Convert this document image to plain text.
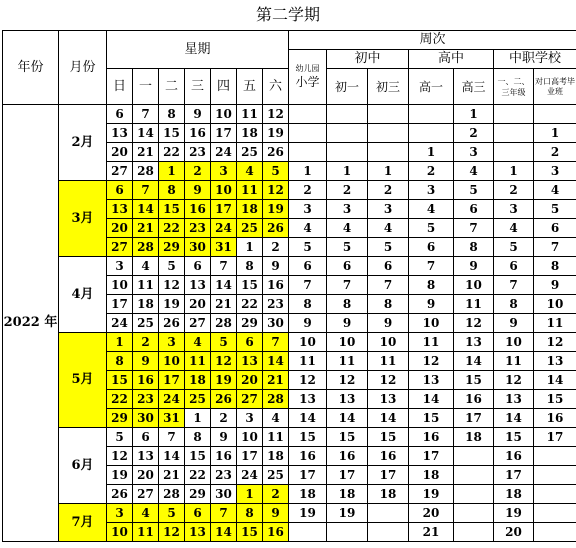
第二学期
年份	月份	星期							周次						

									幼儿园
小学	初中		高中		中职学校	
		日	一	二	三	四	五	六		初一	初三	高一	高三	一、二、三年级	对口高考毕业班
2022 年	2月	6	7	8	9	10	11	12					1		
		13	14	15	16	17	18	19					2		1
		20	21	22	23	24	25	26				1	3		2
		27	28	1	2	3	4	5	1	1	1	2	4	1	3
	3月	6	7	8	9	10	11	12	2	2	2	3	5	2	4
		13	14	15	16	17	18	19	3	3	3	4	6	3	5
		20	21	22	23	24	25	26	4	4	4	5	7	4	6
		27	28	29	30	31	1	2	5	5	5	6	8	5	7
	4月	3	4	5	6	7	8	9	6	6	6	7	9	6	8
		10	11	12	13	14	15	16	7	7	7	8	10	7	9
		17	18	19	20	21	22	23	8	8	8	9	11	8	10
		24	25	26	27	28	29	30	9	9	9	10	12	9	11
	5月	1	2	3	4	5	6	7	10	10	10	11	13	10	12
		8	9	10	11	12	13	14	11	11	11	12	14	11	13
		15	16	17	18	19	20	21	12	12	12	13	15	12	14
		22	23	24	25	26	27	28	13	13	13	14	16	13	15
		29	30	31	1	2	3	4	14	14	14	15	17	14	16
	6月	5	6	7	8	9	10	11	15	15	15	16	18	15	17
		12	13	14	15	16	17	18	16	16	16	17		16	
		19	20	21	22	23	24	25	17	17	17	18		17	
		26	27	28	29	30	1	2	18	18	18	19		18	
	7月	3	4	5	6	7	8	9	19	19		20		19	
		10	11	12	13	14	15	16				21		20	
